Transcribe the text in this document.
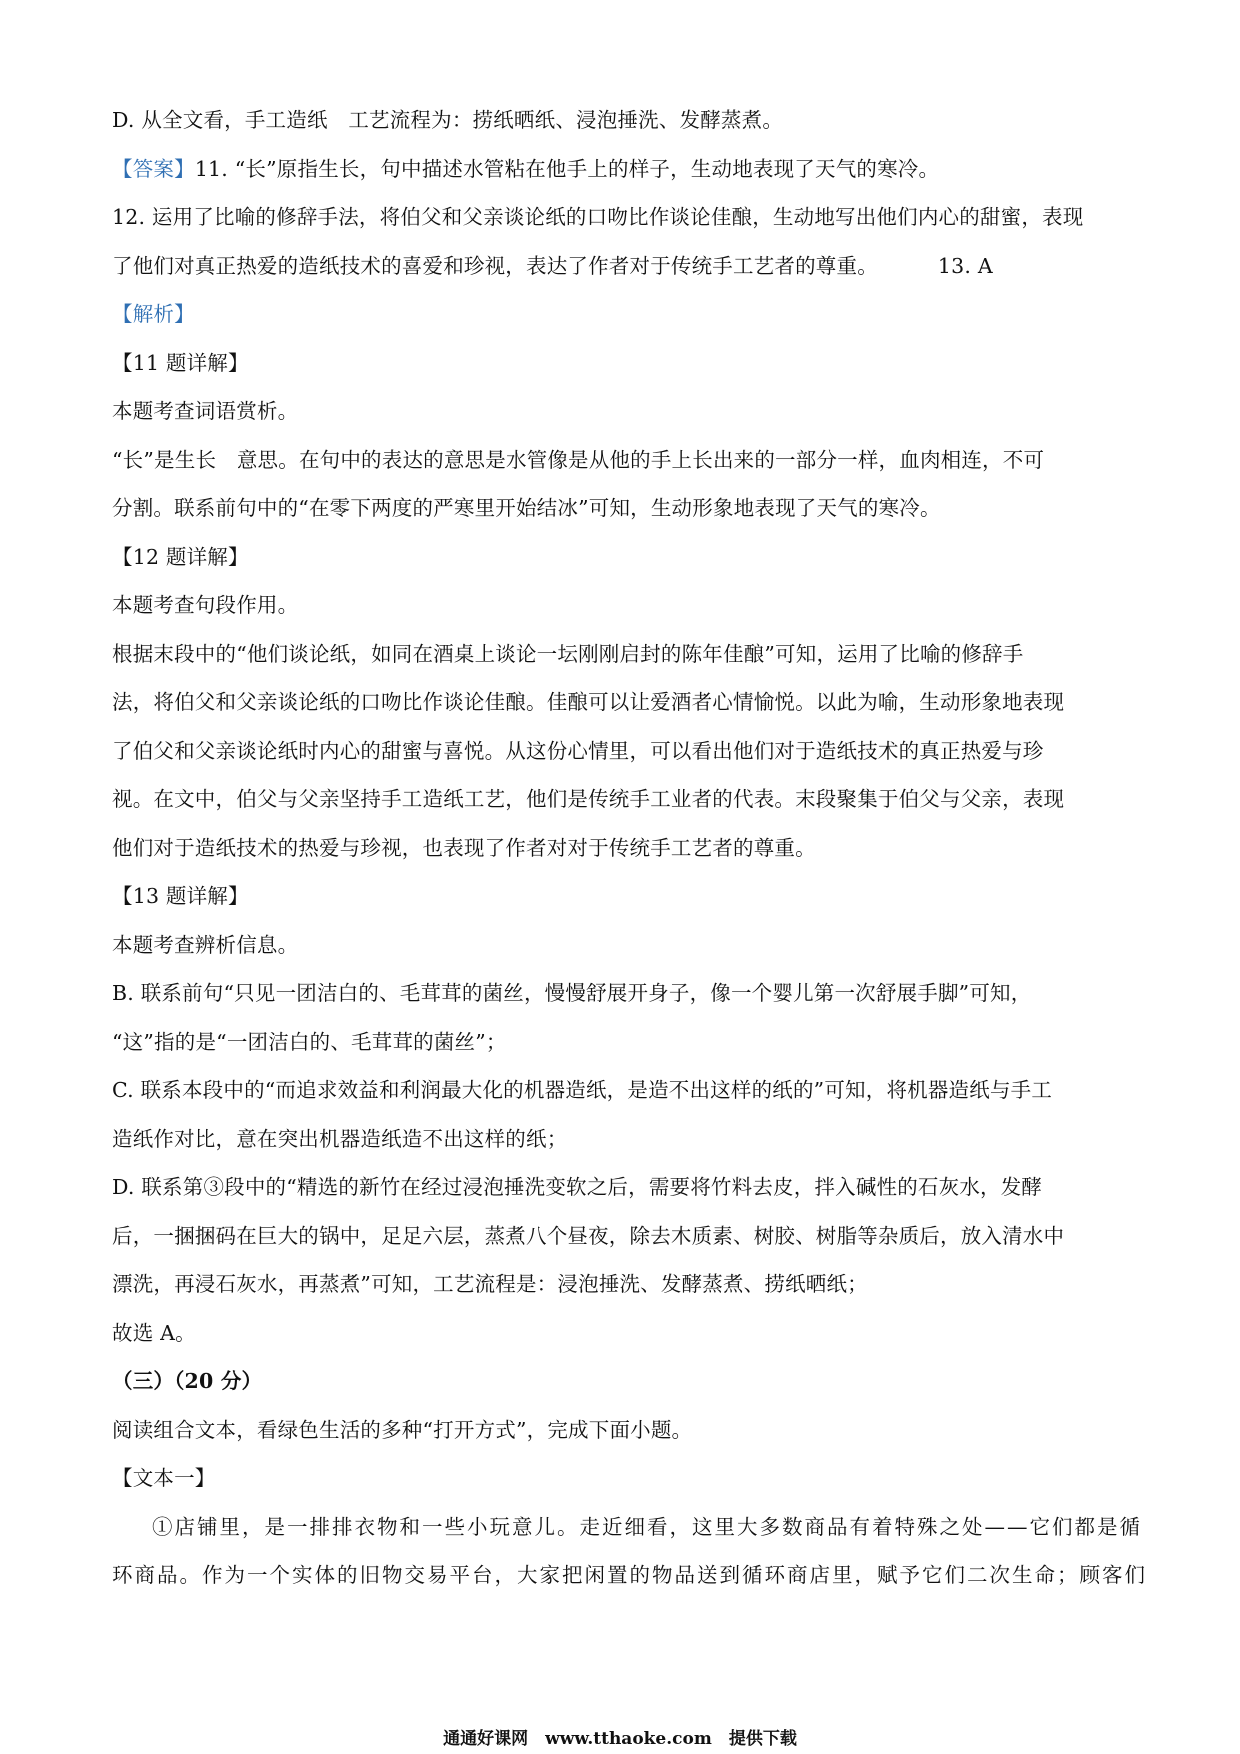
D. 从全文看，手工造纸　工艺流程为：捞纸晒纸、浸泡捶洗、发酵蒸煮。
【答案】11. “长”原指生长，句中描述水管粘在他手上的样子，生动地表现了天气的寒冷。
12. 运用了比喻的修辞手法，将伯父和父亲谈论纸的口吻比作谈论佳酿，生动地写出他们内心的甜蜜，表现
了他们对真正热爱的造纸技术的喜爱和珍视，表达了作者对于传统手工艺者的尊重。	13. A
【解析】
【11 题详解】
本题考查词语赏析。
“长”是生长　意思。在句中的表达的意思是水管像是从他的手上长出来的一部分一样，血肉相连，不可
分割。联系前句中的“在零下两度的严寒里开始结冰”可知，生动形象地表现了天气的寒冷。
【12 题详解】
本题考查句段作用。
根据末段中的“他们谈论纸，如同在酒桌上谈论一坛刚刚启封的陈年佳酿”可知，运用了比喻的修辞手
法，将伯父和父亲谈论纸的口吻比作谈论佳酿。佳酿可以让爱酒者心情愉悦。以此为喻，生动形象地表现
了伯父和父亲谈论纸时内心的甜蜜与喜悦。从这份心情里，可以看出他们对于造纸技术的真正热爱与珍
视。在文中，伯父与父亲坚持手工造纸工艺，他们是传统手工业者的代表。末段聚集于伯父与父亲，表现
他们对于造纸技术的热爱与珍视，也表现了作者对对于传统手工艺者的尊重。
【13 题详解】
本题考查辨析信息。
B. 联系前句“只见一团洁白的、毛茸茸的菌丝，慢慢舒展开身子，像一个婴儿第一次舒展手脚”可知，
“这”指的是“一团洁白的、毛茸茸的菌丝”；
C. 联系本段中的“而追求效益和利润最大化的机器造纸，是造不出这样的纸的”可知，将机器造纸与手工
造纸作对比，意在突出机器造纸造不出这样的纸；
D. 联系第③段中的“精选的新竹在经过浸泡捶洗变软之后，需要将竹料去皮，拌入碱性的石灰水，发酵
后，一捆捆码在巨大的锅中，足足六层，蒸煮八个昼夜，除去木质素、树胶、树脂等杂质后，放入清水中
漂洗，再浸石灰水，再蒸煮”可知，工艺流程是：浸泡捶洗、发酵蒸煮、捞纸晒纸；
故选 A。
（三）（20 分）
阅读组合文本，看绿色生活的多种“打开方式”，完成下面小题。
【文本一】
①店铺里，是一排排衣物和一些小玩意儿。走近细看，这里大多数商品有着特殊之处——它们都是循
环商品。作为一个实体的旧物交易平台，大家把闲置的物品送到循环商店里，赋予它们二次生命；顾客们
通通好课网　www.tthaoke.com　提供下载
